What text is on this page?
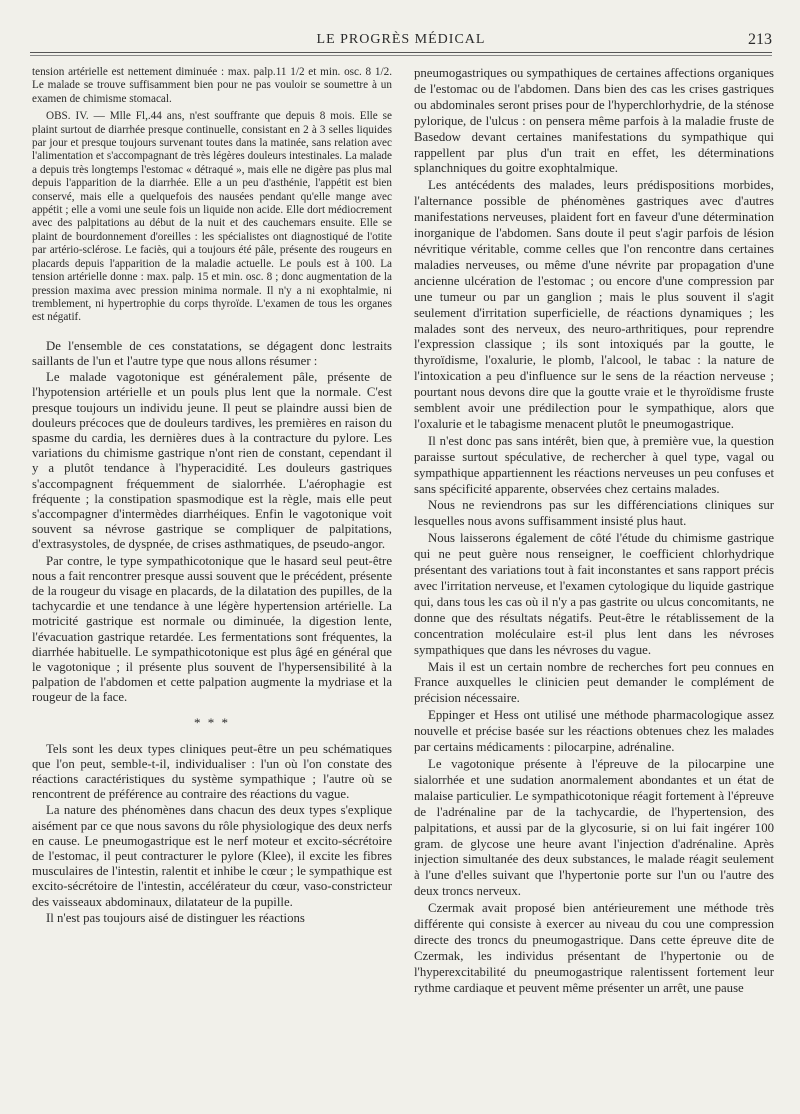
LE PROGRÈS MÉDICAL	213

tension artérielle est nettement diminuée : max. palp.11 1/2 et min. osc. 8 1/2. Le malade se trouve suffisamment bien pour ne pas vouloir se soumettre à un examen de chimisme stomacal.

OBS. IV. — Mlle Fl,.44 ans, n'est souffrante que depuis 8 mois. Elle se plaint surtout de diarrhée presque continuelle, consistant en 2 à 3 selles liquides par jour et presque toujours survenant toutes dans la matinée, sans relation avec l'alimentation et s'accompagnant de très légères douleurs intestinales. La malade a depuis très longtemps l'estomac « détraqué », mais elle ne digère pas plus mal depuis l'apparition de la diarrhée. Elle a un peu d'asthénie, l'appétit est bien conservé, mais elle a quelquefois des nausées pendant qu'elle mange avec appétit ; elle a vomi une seule fois un liquide non acide. Elle dort médiocrement avec des palpitations au début de la nuit et des cauchemars ensuite. Elle se plaint de bourdonnement d'oreilles : les spécialistes ont diagnostiqué de l'otite par artério-sclérose. Le faciès, qui a toujours été pâle, présente des rougeurs en placards depuis l'apparition de la maladie actuelle. Le pouls est à 100. La tension artérielle donne : max. palp. 15 et min. osc. 8 ; donc augmentation de la pression maxima avec pression minima normale. Il n'y a ni exophtalmie, ni tremblement, ni hypertrophie du corps thyroïde. L'examen de tous les organes est négatif.

De l'ensemble de ces constatations, se dégagent donc lestraits saillants de l'un et l'autre type que nous allons résumer :

Le malade vagotonique est généralement pâle, présente de l'hypotension artérielle et un pouls plus lent que la normale. C'est presque toujours un individu jeune. Il peut se plaindre aussi bien de douleurs précoces que de douleurs tardives, les premières en raison du spasme du cardia, les dernières dues à la contracture du pylore. Les variations du chimisme gastrique n'ont rien de constant, cependant il y a plutôt tendance à l'hyperacidité. Les douleurs gastriques s'accompagnent fréquemment de sialorrhée. L'aérophagie est fréquente ; la constipation spasmodique est la règle, mais elle peut s'accompagner d'intermèdes diarrhéiques. Enfin le vagotonique voit souvent sa névrose gastrique se compliquer de palpitations, d'extrasystoles, de dyspnée, de crises asthmatiques, de pseudo-angor.

Par contre, le type sympathicotonique que le hasard seul peut-être nous a fait rencontrer presque aussi souvent que le précédent, présente de la rougeur du visage en placards, de la dilatation des pupilles, de la tachycardie et une tendance à une légère hypertension artérielle. La motricité gastrique est normale ou diminuée, la digestion lente, l'évacuation gastrique retardée. Les fermentations sont fréquentes, la diarrhée habituelle. Le sympathicotonique est plus âgé en général que le vagotonique ; il présente plus souvent de l'hypersensibilité à la palpation de l'abdomen et cette palpation augmente la mydriase et la rougeur de la face.

* * *

Tels sont les deux types cliniques peut-être un peu schématiques que l'on peut, semble-t-il, individualiser : l'un où l'on constate des réactions caractéristiques du système sympathique ; l'autre où se rencontrent de préférence au contraire des réactions du vague.

La nature des phénomènes dans chacun des deux types s'explique aisément par ce que nous savons du rôle physiologique des deux nerfs en cause. Le pneumogastrique est le nerf moteur et excito-sécrétoire de l'estomac, il peut contracturer le pylore (Klee), il excite les fibres musculaires de l'intestin, ralentit et inhibe le cœur ; le sympathique est excito-sécrétoire de l'intestin, accélérateur du cœur, vaso-constricteur des vaisseaux abdominaux, dilatateur de la pupille.

Il n'est pas toujours aisé de distinguer les réactions

pneumogastriques ou sympathiques de certaines affections organiques de l'estomac ou de l'abdomen. Dans bien des cas les crises gastriques ou abdominales seront prises pour de l'hyperchlorhydrie, de la sténose pylorique, de l'ulcus : on pensera même parfois à la maladie fruste de Basedow devant certaines manifestations du sympathique qui rappellent par plus d'un trait en effet, les déterminations splanchniques du goitre exophtalmique.

Les antécédents des malades, leurs prédispositions morbides, l'alternance possible de phénomènes gastriques avec d'autres manifestations nerveuses, plaident fort en faveur d'une détermination inorganique de l'abdomen. Sans doute il peut s'agir parfois de lésion névritique véritable, comme celles que l'on rencontre dans certaines maladies nerveuses, ou même d'une névrite par propagation d'une ancienne ulcération de l'estomac ; ou encore d'une compression par une tumeur ou par un ganglion ; mais le plus souvent il s'agit seulement d'irritation superficielle, de réactions dynamiques ; les malades sont des nerveux, des neuro-arthritiques, pour reprendre l'expression classique ; ils sont intoxiqués par la goutte, le thyroïdisme, l'oxalurie, le plomb, l'alcool, le tabac : la nature de l'intoxication a peu d'influence sur le sens de la réaction nerveuse ; pourtant nous devons dire que la goutte vraie et le thyroïdisme fruste semblent avoir une prédilection pour le sympathique, alors que l'oxalurie et le tabagisme menacent plutôt le pneumogastrique.

Il n'est donc pas sans intérêt, bien que, à première vue, la question paraisse surtout spéculative, de rechercher à quel type, vagal ou sympathique appartiennent les réactions nerveuses un peu confuses et sans spécificité apparente, observées chez certains malades.

Nous ne reviendrons pas sur les différenciations cliniques sur lesquelles nous avons suffisamment insisté plus haut.

Nous laisserons également de côté l'étude du chimisme gastrique qui ne peut guère nous renseigner, le coefficient chlorhydrique présentant des variations tout à fait inconstantes et sans rapport précis avec l'irritation nerveuse, et l'examen cytologique du liquide gastrique qui, dans tous les cas où il n'y a pas gastrite ou ulcus concomitants, ne donne que des résultats négatifs. Peut-être le rétablissement de la concentration moléculaire est-il plus lent dans les névroses sympathiques que dans les névroses du vague.

Mais il est un certain nombre de recherches fort peu connues en France auxquelles le clinicien peut demander le complément de précision nécessaire.

Eppinger et Hess ont utilisé une méthode pharmacologique assez nouvelle et précise basée sur les réactions obtenues chez les malades par certains médicaments : pilocarpine, adrénaline.

Le vagotonique présente à l'épreuve de la pilocarpine une sialorrhée et une sudation anormalement abondantes et un état de malaise particulier. Le sympathicotonique réagit fortement à l'épreuve de l'adrénaline par de la tachycardie, de l'hypertension, des palpitations, et aussi par de la glycosurie, si on lui fait ingérer 100 gram. de glycose une heure avant l'injection d'adrénaline. Après injection simultanée des deux substances, le malade réagit seulement à l'une d'elles suivant que l'hypertonie porte sur l'un ou l'autre des deux troncs nerveux.

Czermak avait proposé bien antérieurement une méthode très différente qui consiste à exercer au niveau du cou une compression directe des troncs du pneumogastrique. Dans cette épreuve dite de Czermak, les individus présentant de l'hypertonie ou de l'hyperexcitabilité du pneumogastrique ralentissent fortement leur rythme cardiaque et peuvent même présenter un arrêt, une pause
